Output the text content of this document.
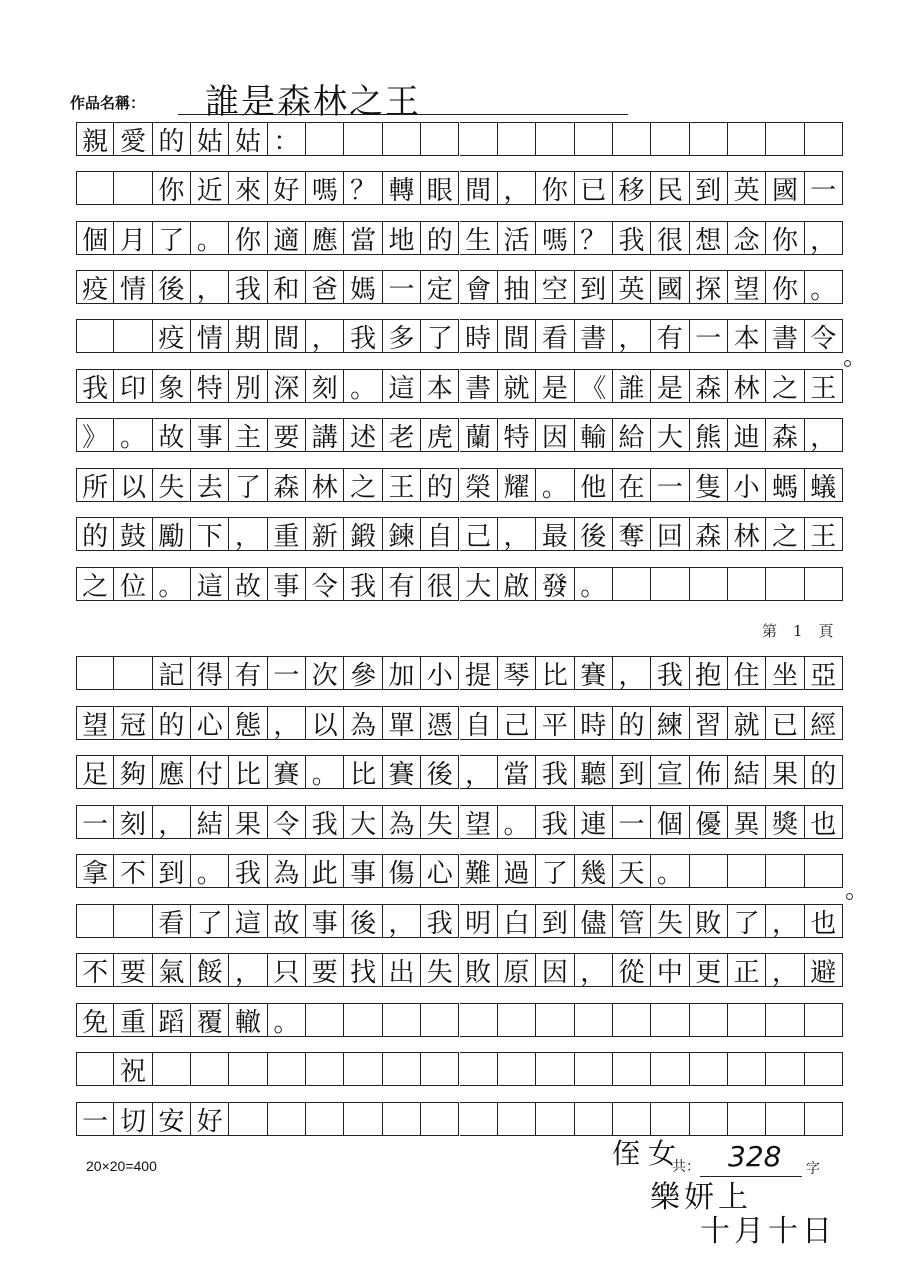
作品名稱： 誰是森林之王
親 愛 的 姑 姑 ：
你 近 來 好 嗎 ？ 轉 眼 間 ， 你 已 移 民 到 英 國 一
個 月 了 。 你 適 應 當 地 的 生 活 嗎 ？ 我 很 想 念 你 ，
疫 情 後 ， 我 和 爸 媽 一 定 會 抽 空 到 英 國 探 望 你 。
疫 情 期 間 ， 我 多 了 時 間 看 書 ， 有 一 本 書 令
我 印 象 特 別 深 刻 。 這 本 書 就 是 《 誰 是 森 林 之 王
》 。 故 事 主 要 講 述 老 虎 蘭 特 因 輸 給 大 熊 迪 森 ，
所 以 失 去 了 森 林 之 王 的 榮 耀 。 他 在 一 隻 小 螞 蟻
的 鼓 勵 下 ， 重 新 鍛 鍊 自 己 ， 最 後 奪 回 森 林 之 王
之 位 。 這 故 事 令 我 有 很 大 啟 發 。
第1頁
記 得 有 一 次 參 加 小 提 琴 比 賽 ， 我 抱 住 坐 亞
望 冠 的 心 態 ， 以 為 單 憑 自 己 平 時 的 練 習 就 已 經
足 夠 應 付 比 賽 。 比 賽 後 ， 當 我 聽 到 宣 佈 結 果 的
一 刻 ， 結 果 令 我 大 為 失 望 。 我 連 一 個 優 異 獎 也
拿 不 到 。 我 為 此 事 傷 心 難 過 了 幾 天 。
看 了 這 故 事 後 ， 我 明 白 到 儘 管 失 敗 了 ， 也
不 要 氣 餒 ， 只 要 找 出 失 敗 原 因 ， 從 中 更 正 ， 避
免 重 蹈 覆 轍 。
祝
一 切 安 好
20×20=400	侄女
共： 328 字
樂妍上
十月十日
